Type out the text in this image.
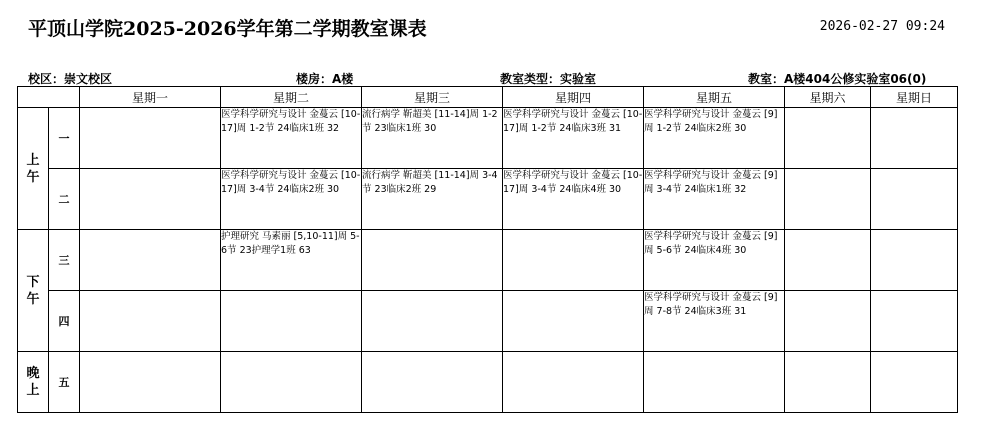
平顶山学院2025-2026学年第二学期教室课表	2026-02-27 09:24
校区：崇文校区	楼房：A楼	教室类型：实验室	教室：A楼404公修实验室06(0)
		星期一	星期二	星期三	星期四	星期五	星期六	星期日
上
午	一		医学科学研究与设计 金蔓云 [10-17]周 1-2节 24临床1班 32	流行病学 靳超美 [11-14]周 1-2节 23临床1班 30	医学科学研究与设计 金蔓云 [10-17]周 1-2节 24临床3班 31	医学科学研究与设计 金蔓云 [9]周 1-2节 24临床2班 30		
	二		医学科学研究与设计 金蔓云 [10-17]周 3-4节 24临床2班 30	流行病学 靳超美 [11-14]周 3-4节 23临床2班 29	医学科学研究与设计 金蔓云 [10-17]周 3-4节 24临床4班 30	医学科学研究与设计 金蔓云 [9]周 3-4节 24临床1班 32		
下
午	三		护理研究 马素丽 [5,10-11]周 5-6节 23护理学1班 63			医学科学研究与设计 金蔓云 [9]周 5-6节 24临床4班 30		
	四					医学科学研究与设计 金蔓云 [9]周 7-8节 24临床3班 31		
晚
上	五							
